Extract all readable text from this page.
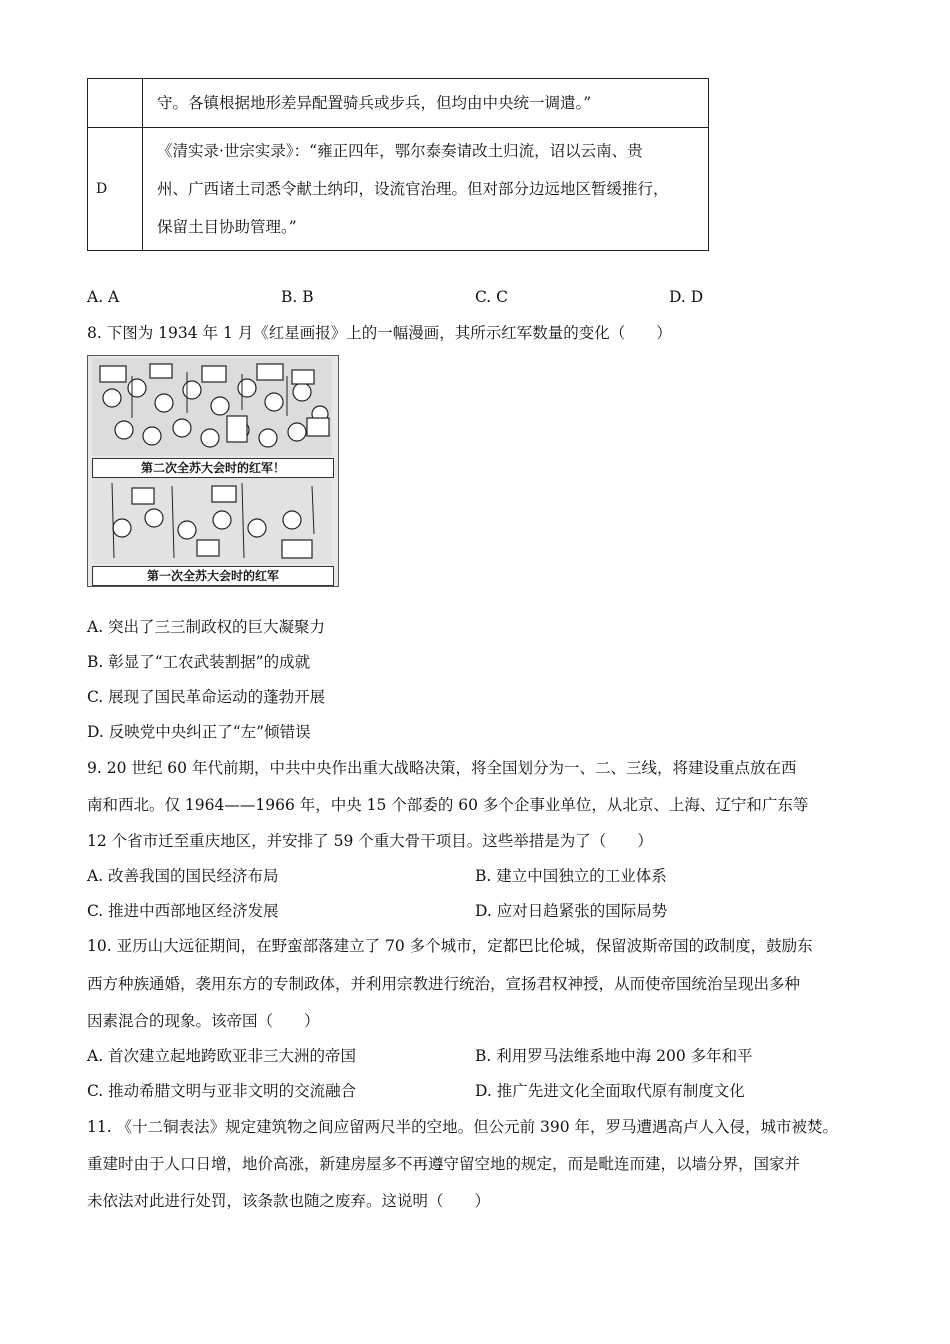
	守。各镇根据地形差异配置骑兵或步兵，但均由中央统一调遣。”
D	《清实录·世宗实录》：“雍正四年，鄂尔泰奏请改土归流，诏以云南、贵
州、广西诸土司悉令献土纳印，设流官治理。但对部分边远地区暂缓推行，
保留土目协助管理。”
A. A	B. B	C. C	D. D
8. 下图为 1934 年 1 月《红星画报》上的一幅漫画，其所示红军数量的变化（　　）
第二次全苏大会时的红军！
第一次全苏大会时的红军
A. 突出了三三制政权的巨大凝聚力
B. 彰显了“工农武装割据”的成就
C. 展现了国民革命运动的蓬勃开展
D. 反映党中央纠正了“左”倾错误
9. 20 世纪 60 年代前期，中共中央作出重大战略决策，将全国划分为一、二、三线，将建设重点放在西
南和西北。仅 1964——1966 年，中央 15 个部委的 60 多个企事业单位，从北京、上海、辽宁和广东等
12 个省市迁至重庆地区，并安排了 59 个重大骨干项目。这些举措是为了（　　）
A. 改善我国的国民经济布局	B. 建立中国独立的工业体系
C. 推进中西部地区经济发展	D. 应对日趋紧张的国际局势
10. 亚历山大远征期间，在野蛮部落建立了 70 多个城市，定都巴比伦城，保留波斯帝国的政制度，鼓励东
西方种族通婚，袭用东方的专制政体，并利用宗教进行统治，宣扬君权神授，从而使帝国统治呈现出多种
因素混合的现象。该帝国（　　）
A. 首次建立起地跨欧亚非三大洲的帝国	B. 利用罗马法维系地中海 200 多年和平
C. 推动希腊文明与亚非文明的交流融合	D. 推广先进文化全面取代原有制度文化
11. 《十二铜表法》规定建筑物之间应留两尺半的空地。但公元前 390 年，罗马遭遇高卢人入侵，城市被焚。
重建时由于人口日增，地价高涨，新建房屋多不再遵守留空地的规定，而是毗连而建，以墙分界，国家并
未依法对此进行处罚，该条款也随之废弃。这说明（　　）
